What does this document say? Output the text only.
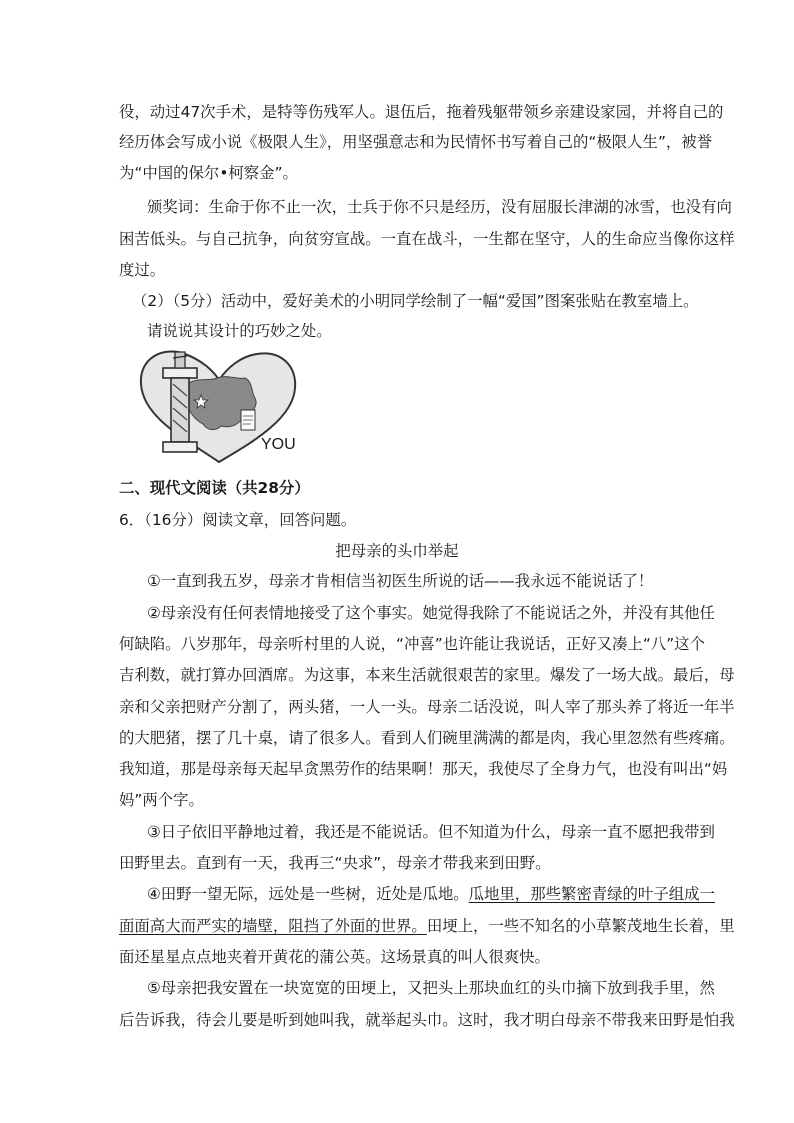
役，动过47次手术，是特等伤残军人。退伍后，拖着残躯带领乡亲建设家园，并将自己的
经历体会写成小说《极限人生》，用坚强意志和为民情怀书写着自己的“极限人生”，被誉
为“中国的保尔•柯察金”。
颁奖词：生命于你不止一次，士兵于你不只是经历，没有屈服长津湖的冰雪，也没有向
困苦低头。与自己抗争，向贫穷宣战。一直在战斗，一生都在坚守，人的生命应当像你这样
度过。
（2）（5分）活动中，爱好美术的小明同学绘制了一幅“爱国”图案张贴在教室墙上。
请说说其设计的巧妙之处。
I
YOU
二、现代文阅读（共28分）
6．（16分）阅读文章，回答问题。
把母亲的头巾举起
①一直到我五岁，母亲才肯相信当初医生所说的话——我永远不能说话了！
②母亲没有任何表情地接受了这个事实。她觉得我除了不能说话之外，并没有其他任
何缺陷。八岁那年，母亲听村里的人说，“冲喜”也许能让我说话，正好又凑上“八”这个
吉利数，就打算办回酒席。为这事，本来生活就很艰苦的家里。爆发了一场大战。最后，母
亲和父亲把财产分割了，两头猪，一人一头。母亲二话没说，叫人宰了那头养了将近一年半
的大肥猪，摆了几十桌，请了很多人。看到人们碗里满满的都是肉，我心里忽然有些疼痛。
我知道，那是母亲每天起早贪黑劳作的结果啊！那天，我使尽了全身力气，也没有叫出“妈
妈”两个字。
③日子依旧平静地过着，我还是不能说话。但不知道为什么，母亲一直不愿把我带到
田野里去。直到有一天，我再三“央求”，母亲才带我来到田野。
④田野一望无际，远处是一些树，近处是瓜地。瓜地里，那些繁密青绿的叶子组成一
面面高大而严实的墙壁，阻挡了外面的世界。田埂上，一些不知名的小草繁茂地生长着，里
面还星星点点地夹着开黄花的蒲公英。这场景真的叫人很爽快。
⑤母亲把我安置在一块宽宽的田埂上，又把头上那块血红的头巾摘下放到我手里，然
后告诉我，待会儿要是听到她叫我，就举起头巾。这时，我才明白母亲不带我来田野是怕我
